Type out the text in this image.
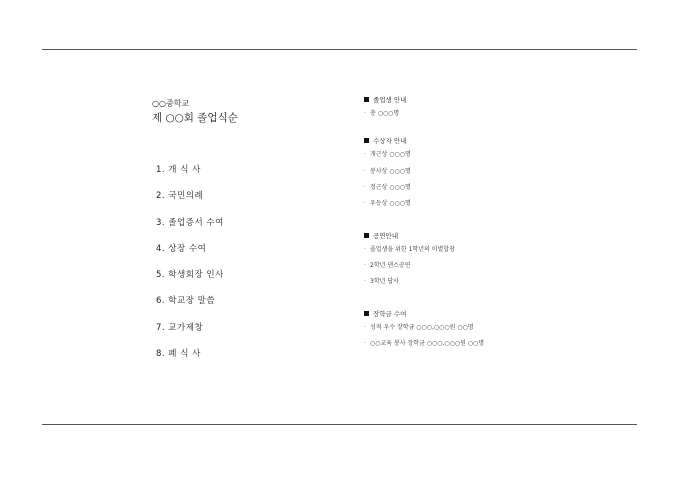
○○중학교
제 ○○회 졸업식순
1. 개 식 사
2. 국민의례
3. 졸업증서 수여
4. 상장 수여
5. 학생회장 인사
6. 학교장 말씀
7. 교가제창
8. 폐 식 사
졸업생 안내
· 총 ○○○명
수상자 안내
· 개근상 ○○○명
· 봉사상 ○○○명
· 정근상 ○○○명
· 우등상 ○○○명
공연안내
· 졸업생을 위한 1학년의 이별합창
· 2학년 댄스공연
· 3학년 답사
장학금 수여
· 성적 우수 장학금 ○○○,○○○원 ○○명
· ○○교육 봉사 장학금 ○○○,○○○원 ○○명
